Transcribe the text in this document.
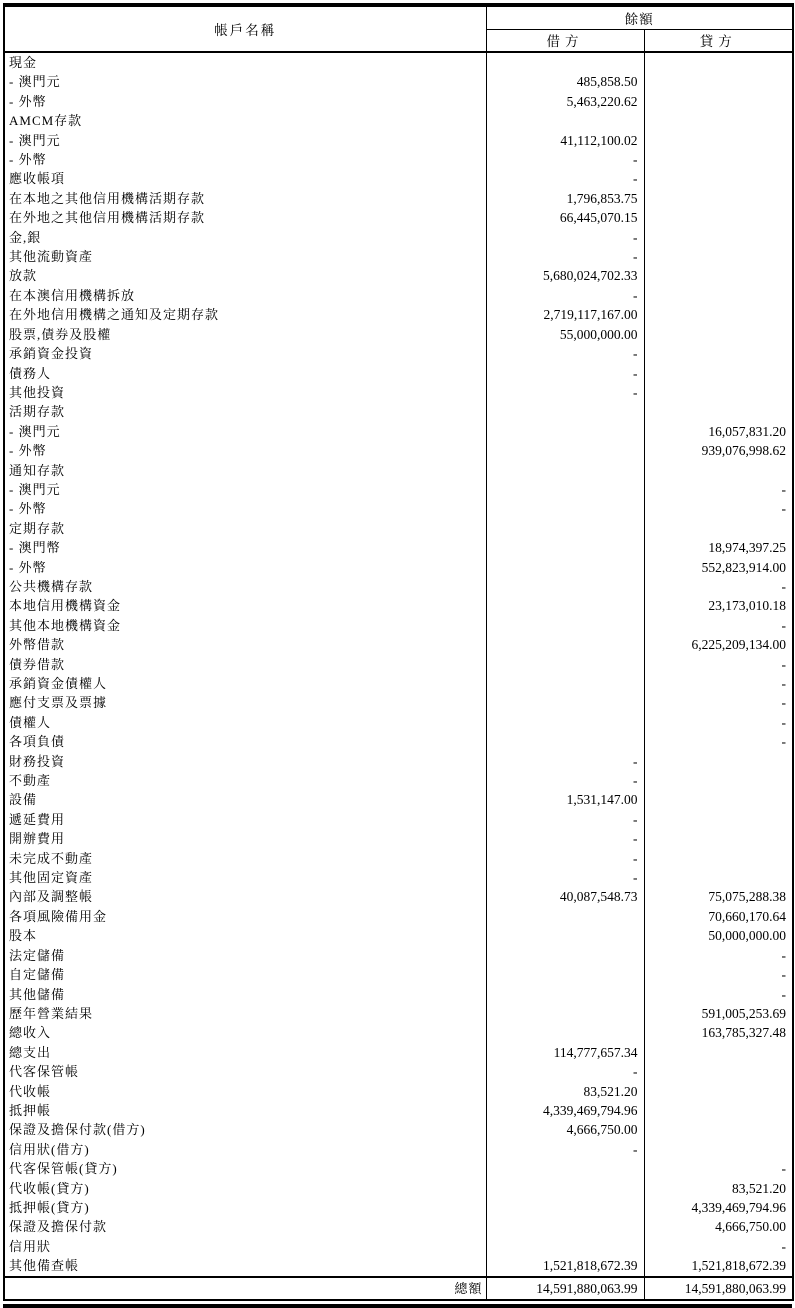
帳戶名稱	餘額	
	借方	貸方
現金		
- 澳門元	485,858.50	
- 外幣	5,463,220.62	
AMCM存款		
- 澳門元	41,112,100.02	
- 外幣	-	
應收帳項	-	
在本地之其他信用機構活期存款	1,796,853.75	
在外地之其他信用機構活期存款	66,445,070.15	
金,銀	-	
其他流動資產	-	
放款	5,680,024,702.33	
在本澳信用機構拆放	-	
在外地信用機構之通知及定期存款	2,719,117,167.00	
股票,債券及股權	55,000,000.00	
承銷資金投資	-	
債務人	-	
其他投資	-	
活期存款		
- 澳門元		16,057,831.20
- 外幣		939,076,998.62
通知存款		
- 澳門元		-
- 外幣		-
定期存款		
- 澳門幣		18,974,397.25
- 外幣		552,823,914.00
公共機構存款		-
本地信用機構資金		23,173,010.18
其他本地機構資金		-
外幣借款		6,225,209,134.00
債券借款		-
承銷資金債權人		-
應付支票及票據		-
債權人		-
各項負債		-
財務投資	-	
不動產	-	
設備	1,531,147.00	
遞延費用	-	
開辦費用	-	
未完成不動產	-	
其他固定資產	-	
內部及調整帳	40,087,548.73	75,075,288.38
各項風險備用金		70,660,170.64
股本		50,000,000.00
法定儲備		-
自定儲備		-
其他儲備		-
歷年營業結果		591,005,253.69
總收入		163,785,327.48
總支出	114,777,657.34	
代客保管帳	-	
代收帳	83,521.20	
抵押帳	4,339,469,794.96	
保證及擔保付款(借方)	4,666,750.00	
信用狀(借方)	-	
代客保管帳(貸方)		-
代收帳(貸方)		83,521.20
抵押帳(貸方)		4,339,469,794.96
保證及擔保付款		4,666,750.00
信用狀		-
其他備查帳	1,521,818,672.39	1,521,818,672.39
總額	14,591,880,063.99	14,591,880,063.99
